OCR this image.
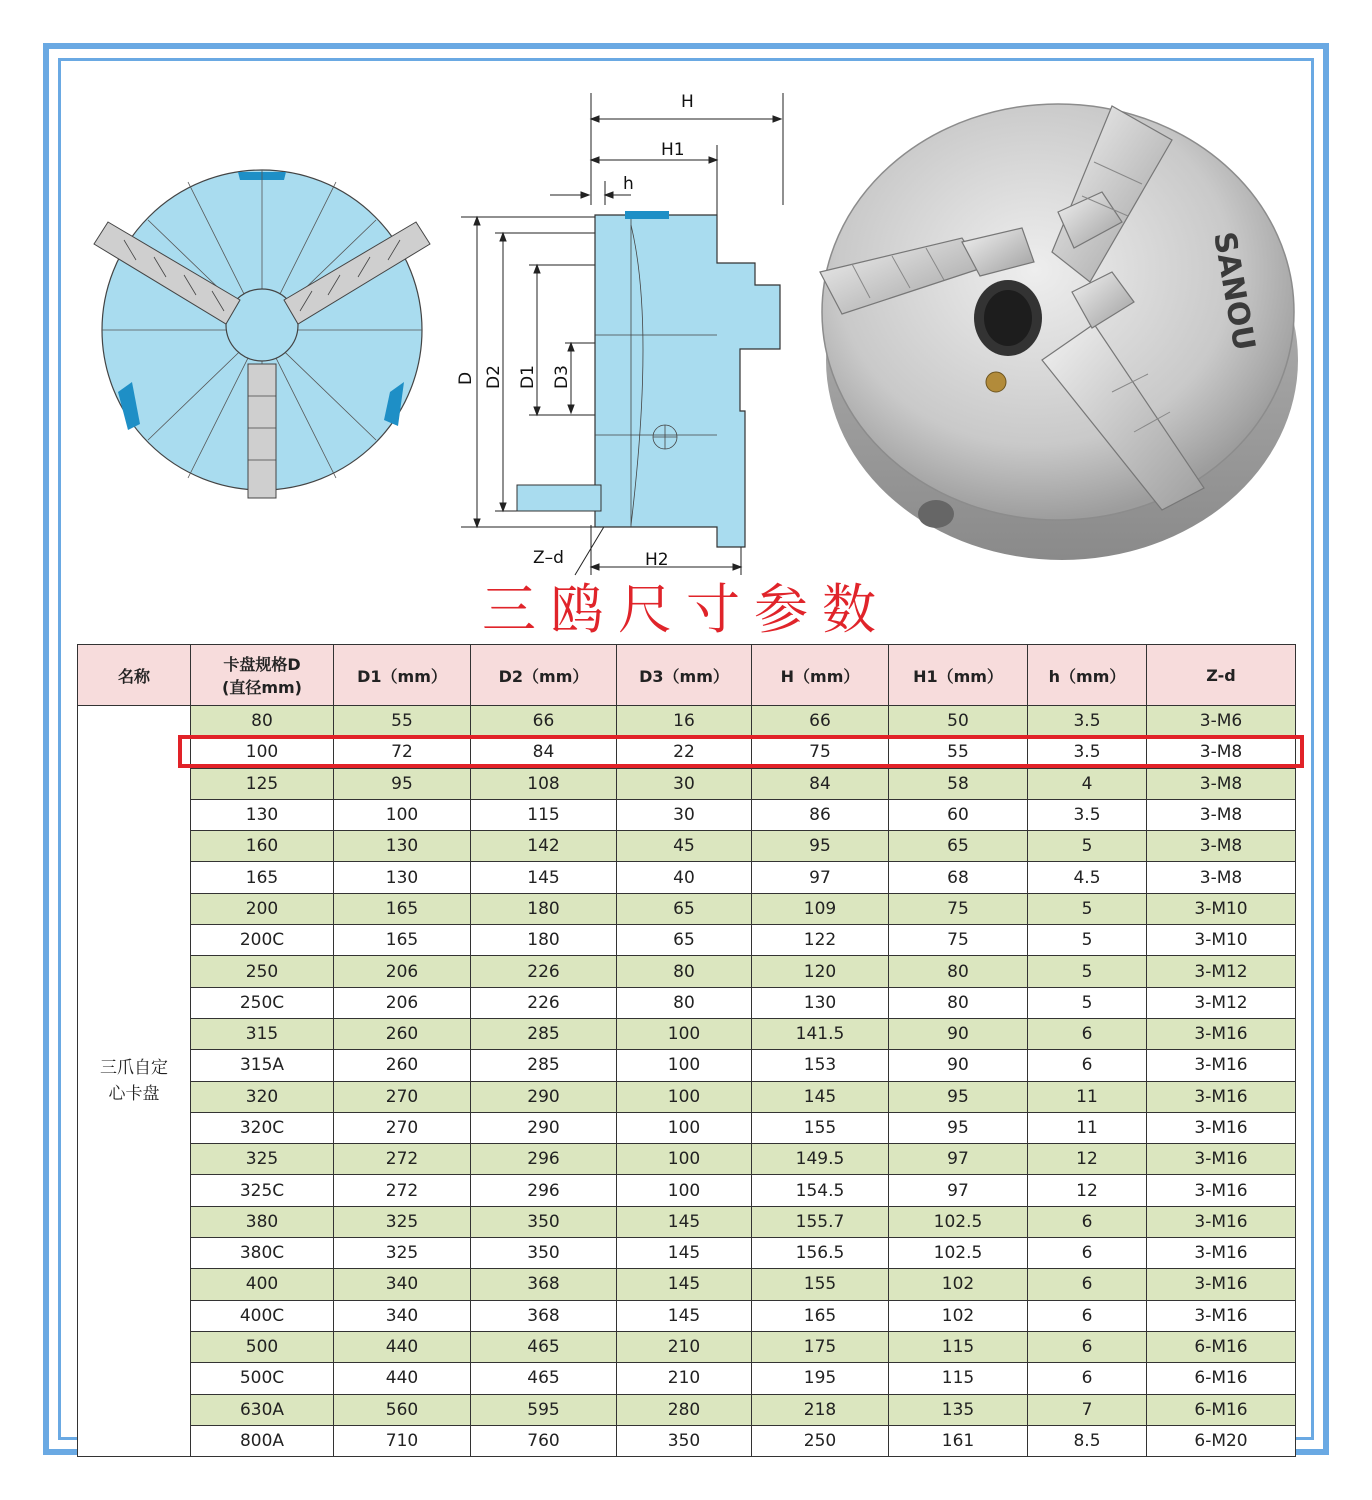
H
H1
h
H2
Z–d
D D2 D1 D3
SANOU
三鸥尺寸参数
名称	卡盘规格D
(直径mm)	D1（mm）	D2（mm）	D3（mm）	H（mm）	H1（mm）	h（mm）	Z-d
三爪自定
心卡盘	80	55	66	16	66	50	3.5	3-M6
	100	72	84	22	75	55	3.5	3-M8
	125	95	108	30	84	58	4	3-M8
	130	100	115	30	86	60	3.5	3-M8
	160	130	142	45	95	65	5	3-M8
	165	130	145	40	97	68	4.5	3-M8
	200	165	180	65	109	75	5	3-M10
	200C	165	180	65	122	75	5	3-M10
	250	206	226	80	120	80	5	3-M12
	250C	206	226	80	130	80	5	3-M12
	315	260	285	100	141.5	90	6	3-M16
	315A	260	285	100	153	90	6	3-M16
	320	270	290	100	145	95	11	3-M16
	320C	270	290	100	155	95	11	3-M16
	325	272	296	100	149.5	97	12	3-M16
	325C	272	296	100	154.5	97	12	3-M16
	380	325	350	145	155.7	102.5	6	3-M16
	380C	325	350	145	156.5	102.5	6	3-M16
	400	340	368	145	155	102	6	3-M16
	400C	340	368	145	165	102	6	3-M16
	500	440	465	210	175	115	6	6-M16
	500C	440	465	210	195	115	6	6-M16
	630A	560	595	280	218	135	7	6-M16
	800A	710	760	350	250	161	8.5	6-M20
